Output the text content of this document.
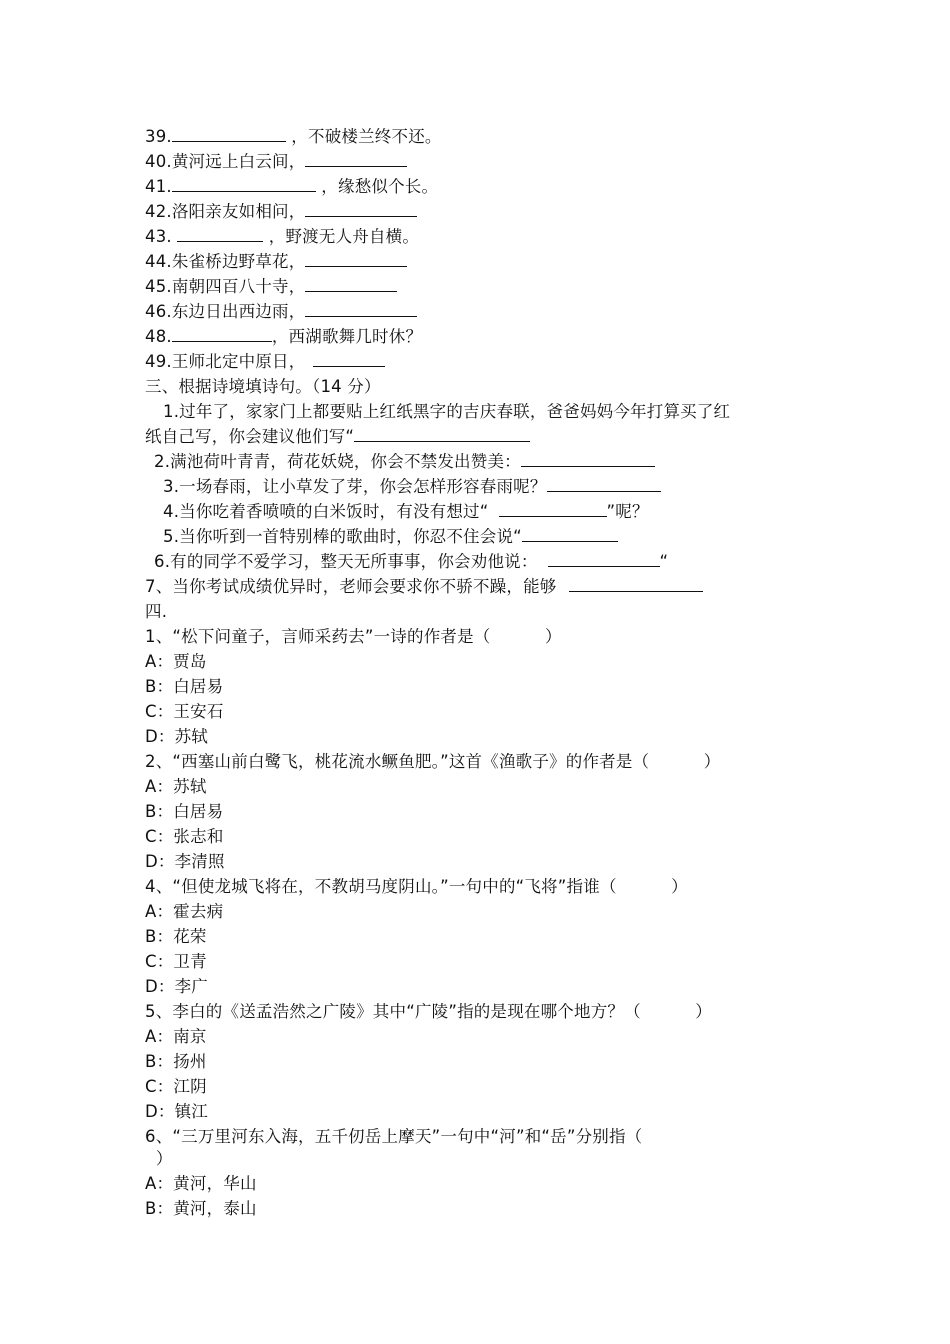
39.	，不破楼兰终不还。
40.黄河远上白云间，
41.	，缘愁似个长。
42.洛阳亲友如相问，
43.	，野渡无人舟自横。
44.朱雀桥边野草花，
45.南朝四百八十寺，
46.东边日出西边雨，
48.	，西湖歌舞几时休？
49.王师北定中原日，
三、根据诗境填诗句。（14 分）
1.过年了，家家门上都要贴上红纸黑字的吉庆春联，爸爸妈妈今年打算买了红
纸自己写，你会建议他们写“
2.满池荷叶青青，荷花妖娆，你会不禁发出赞美：
3.一场春雨，让小草发了芽，你会怎样形容春雨呢？
4.当你吃着香喷喷的白米饭时，有没有想过“	”呢？
5.当你听到一首特别棒的歌曲时，你忍不住会说“
6.有的同学不爱学习，整天无所事事，你会劝他说：	“
7、当你考试成绩优异时，老师会要求你不骄不躁，能够
四.
1、“松下问童子，言师采药去”一诗的作者是（          ）
A：贾岛
B：白居易
C：王安石
D：苏轼
2、“西塞山前白鹭飞，桃花流水鳜鱼肥。”这首《渔歌子》的作者是（          ）
A：苏轼
B：白居易
C：张志和
D：李清照
4、“但使龙城飞将在，不教胡马度阴山。”一句中的“飞将”指谁（          ）
A：霍去病
B：花荣
C：卫青
D：李广
5、李白的《送孟浩然之广陵》其中“广陵”指的是现在哪个地方？（          ）
A：南京
B：扬州
C：江阴
D：镇江
6、“三万里河东入海，五千仞岳上摩天”一句中“河”和“岳”分别指（
）
A：黄河，华山
B：黄河，泰山
